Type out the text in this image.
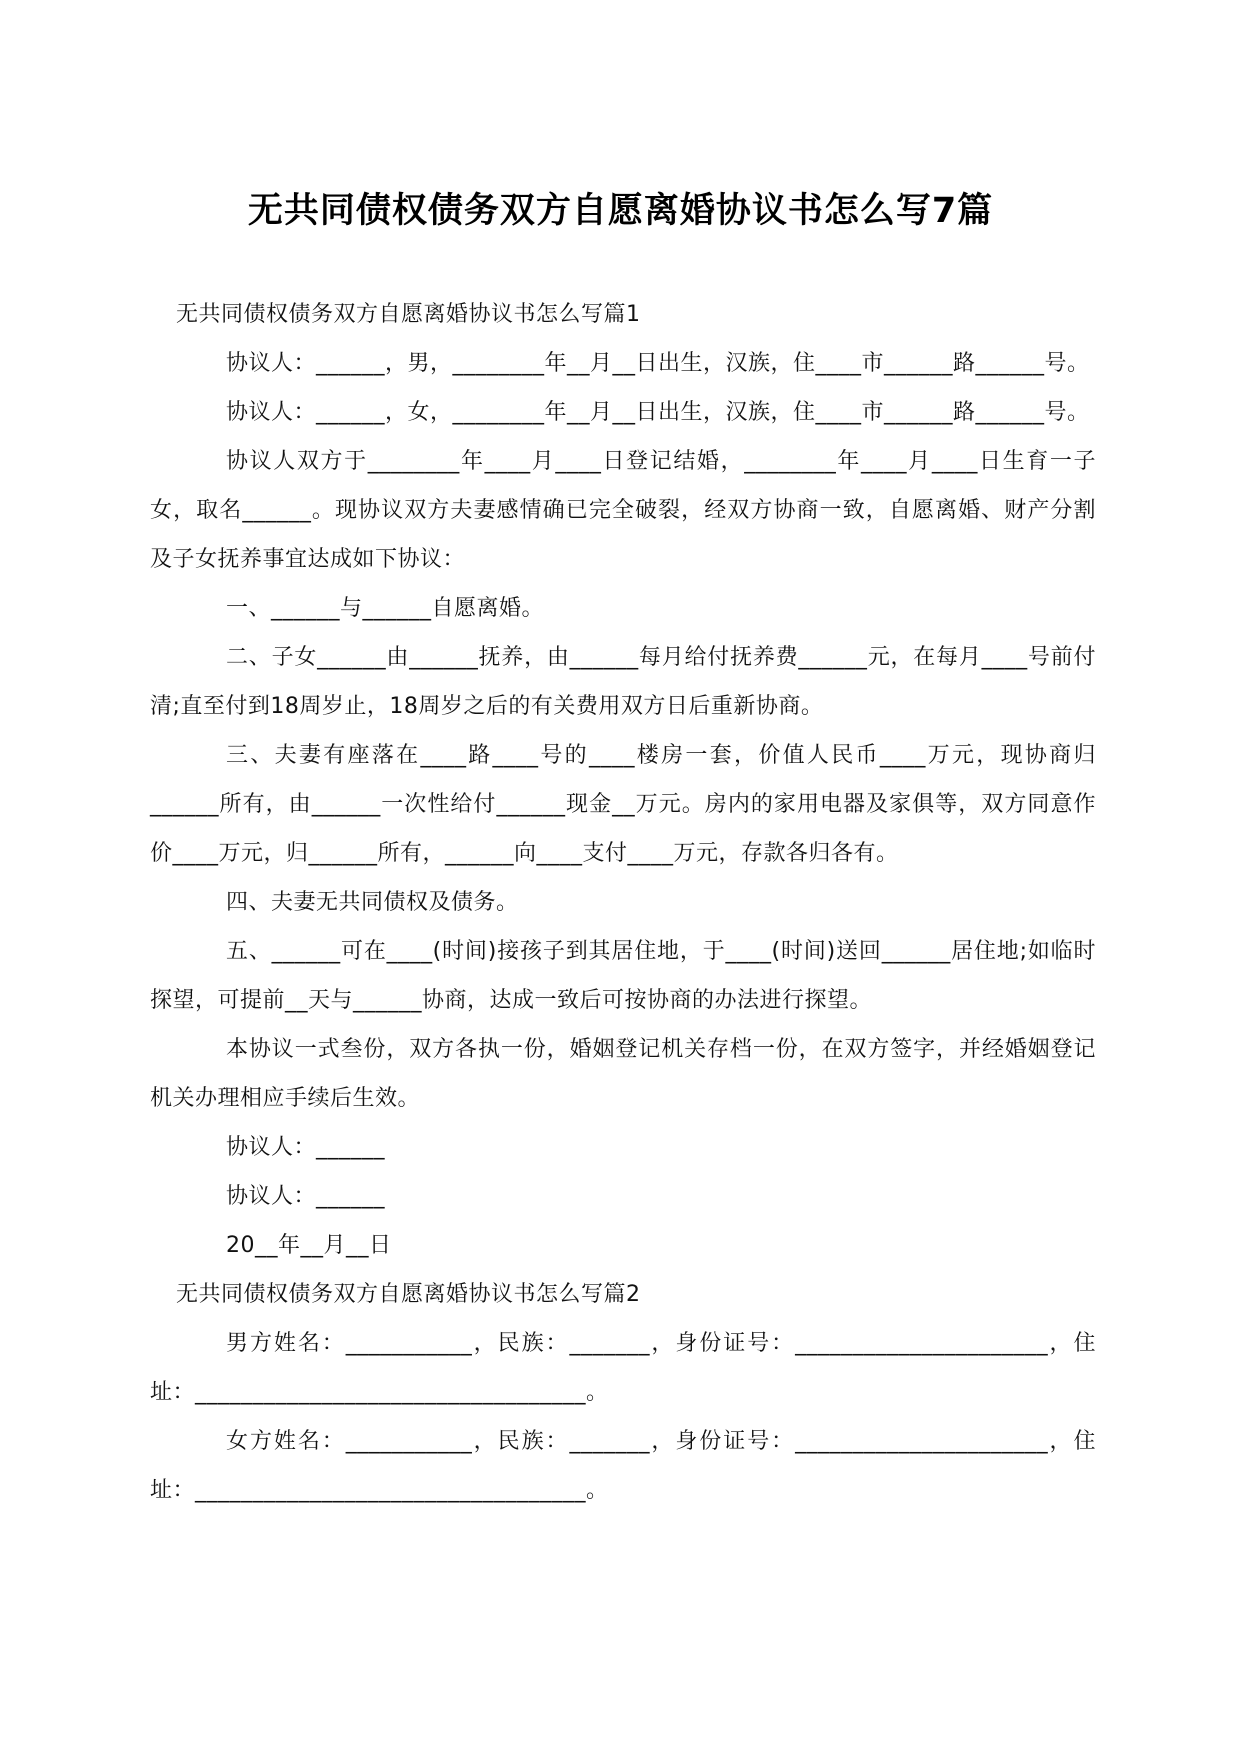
无共同债权债务双方自愿离婚协议书怎么写7篇

无共同债权债务双方自愿离婚协议书怎么写篇1

协议人：______，男，________年__月__日出生，汉族，住____市______路______号。

协议人：______，女，________年__月__日出生，汉族，住____市______路______号。

协议人双方于________年____月____日登记结婚，________年____月____日生育一子女，取名______。现协议双方夫妻感情确已完全破裂，经双方协商一致，自愿离婚、财产分割及子女抚养事宜达成如下协议：

一、______与______自愿离婚。

二、子女______由______抚养，由______每月给付抚养费______元，在每月____号前付清;直至付到18周岁止，18周岁之后的有关费用双方日后重新协商。

三、夫妻有座落在____路____号的____楼房一套，价值人民币____万元，现协商归______所有，由______一次性给付______现金__万元。房内的家用电器及家俱等，双方同意作价____万元，归______所有，______向____支付____万元，存款各归各有。

四、夫妻无共同债权及债务。

五、______可在____(时间)接孩子到其居住地，于____(时间)送回______居住地;如临时探望，可提前__天与______协商，达成一致后可按协商的办法进行探望。

本协议一式叁份，双方各执一份，婚姻登记机关存档一份，在双方签字，并经婚姻登记机关办理相应手续后生效。

协议人：______

协议人：______

20__年__月__日

无共同债权债务双方自愿离婚协议书怎么写篇2

男方姓名：___________，民族：_______，身份证号：______________________，住址：__________________________________。

女方姓名：___________，民族：_______，身份证号：______________________，住址：__________________________________。
